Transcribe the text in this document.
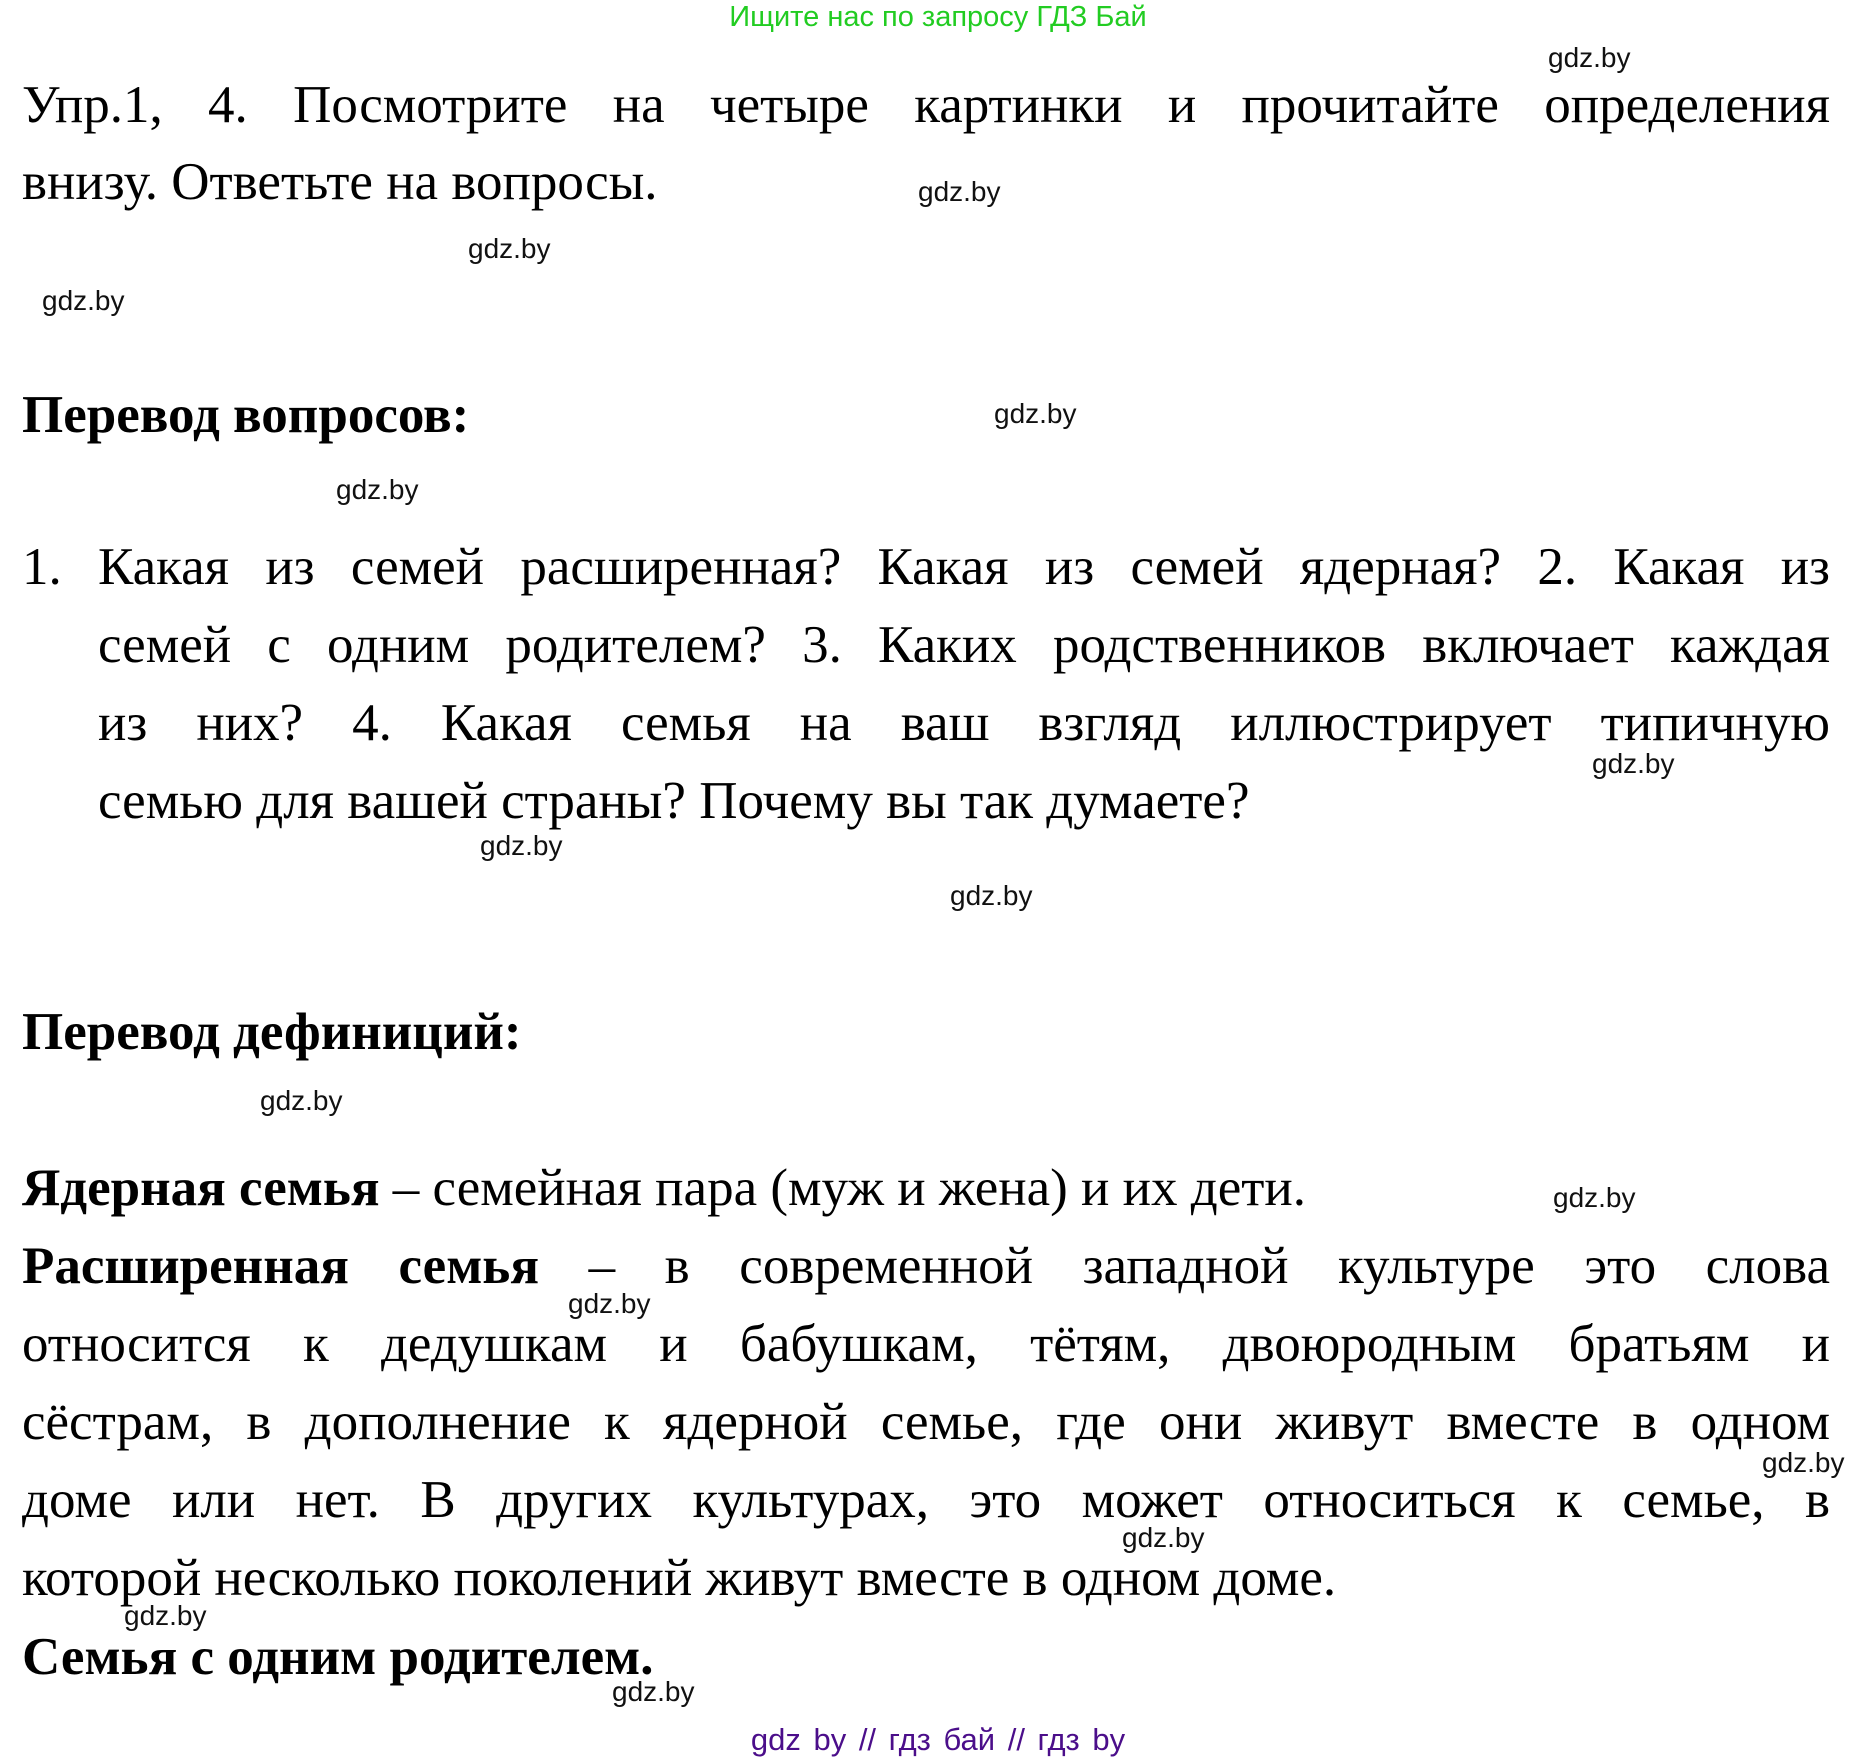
Ищите нас по запросу ГДЗ Бай
Упр.1, 4. Посмотрите на четыре картинки и прочитайте определения
внизу. Ответьте на вопросы.
Перевод вопросов:
1. Какая из семей расширенная? Какая из семей ядерная? 2. Какая из
семей с одним родителем? 3. Каких родственников включает каждая
из них? 4. Какая семья на ваш взгляд иллюстрирует типичную
семью для вашей страны? Почему вы так думаете?
Перевод дефиниций:
Ядерная семья – семейная пара (муж и жена) и их дети.
Расширенная семья – в современной западной культуре это слова
относится к дедушкам и бабушкам, тётям, двоюродным братьям и
сёстрам, в дополнение к ядерной семье, где они живут вместе в одном
доме или нет. В других культурах, это может относиться к семье, в
которой несколько поколений живут вместе в одном доме.
Семья с одним родителем.
gdz.by
gdz.by
gdz.by
gdz.by
gdz.by
gdz.by
gdz.by
gdz.by
gdz.by
gdz.by
gdz.by
gdz.by
gdz.by
gdz.by
gdz.by
gdz.by
gdz by // гдз бай // гдз by
